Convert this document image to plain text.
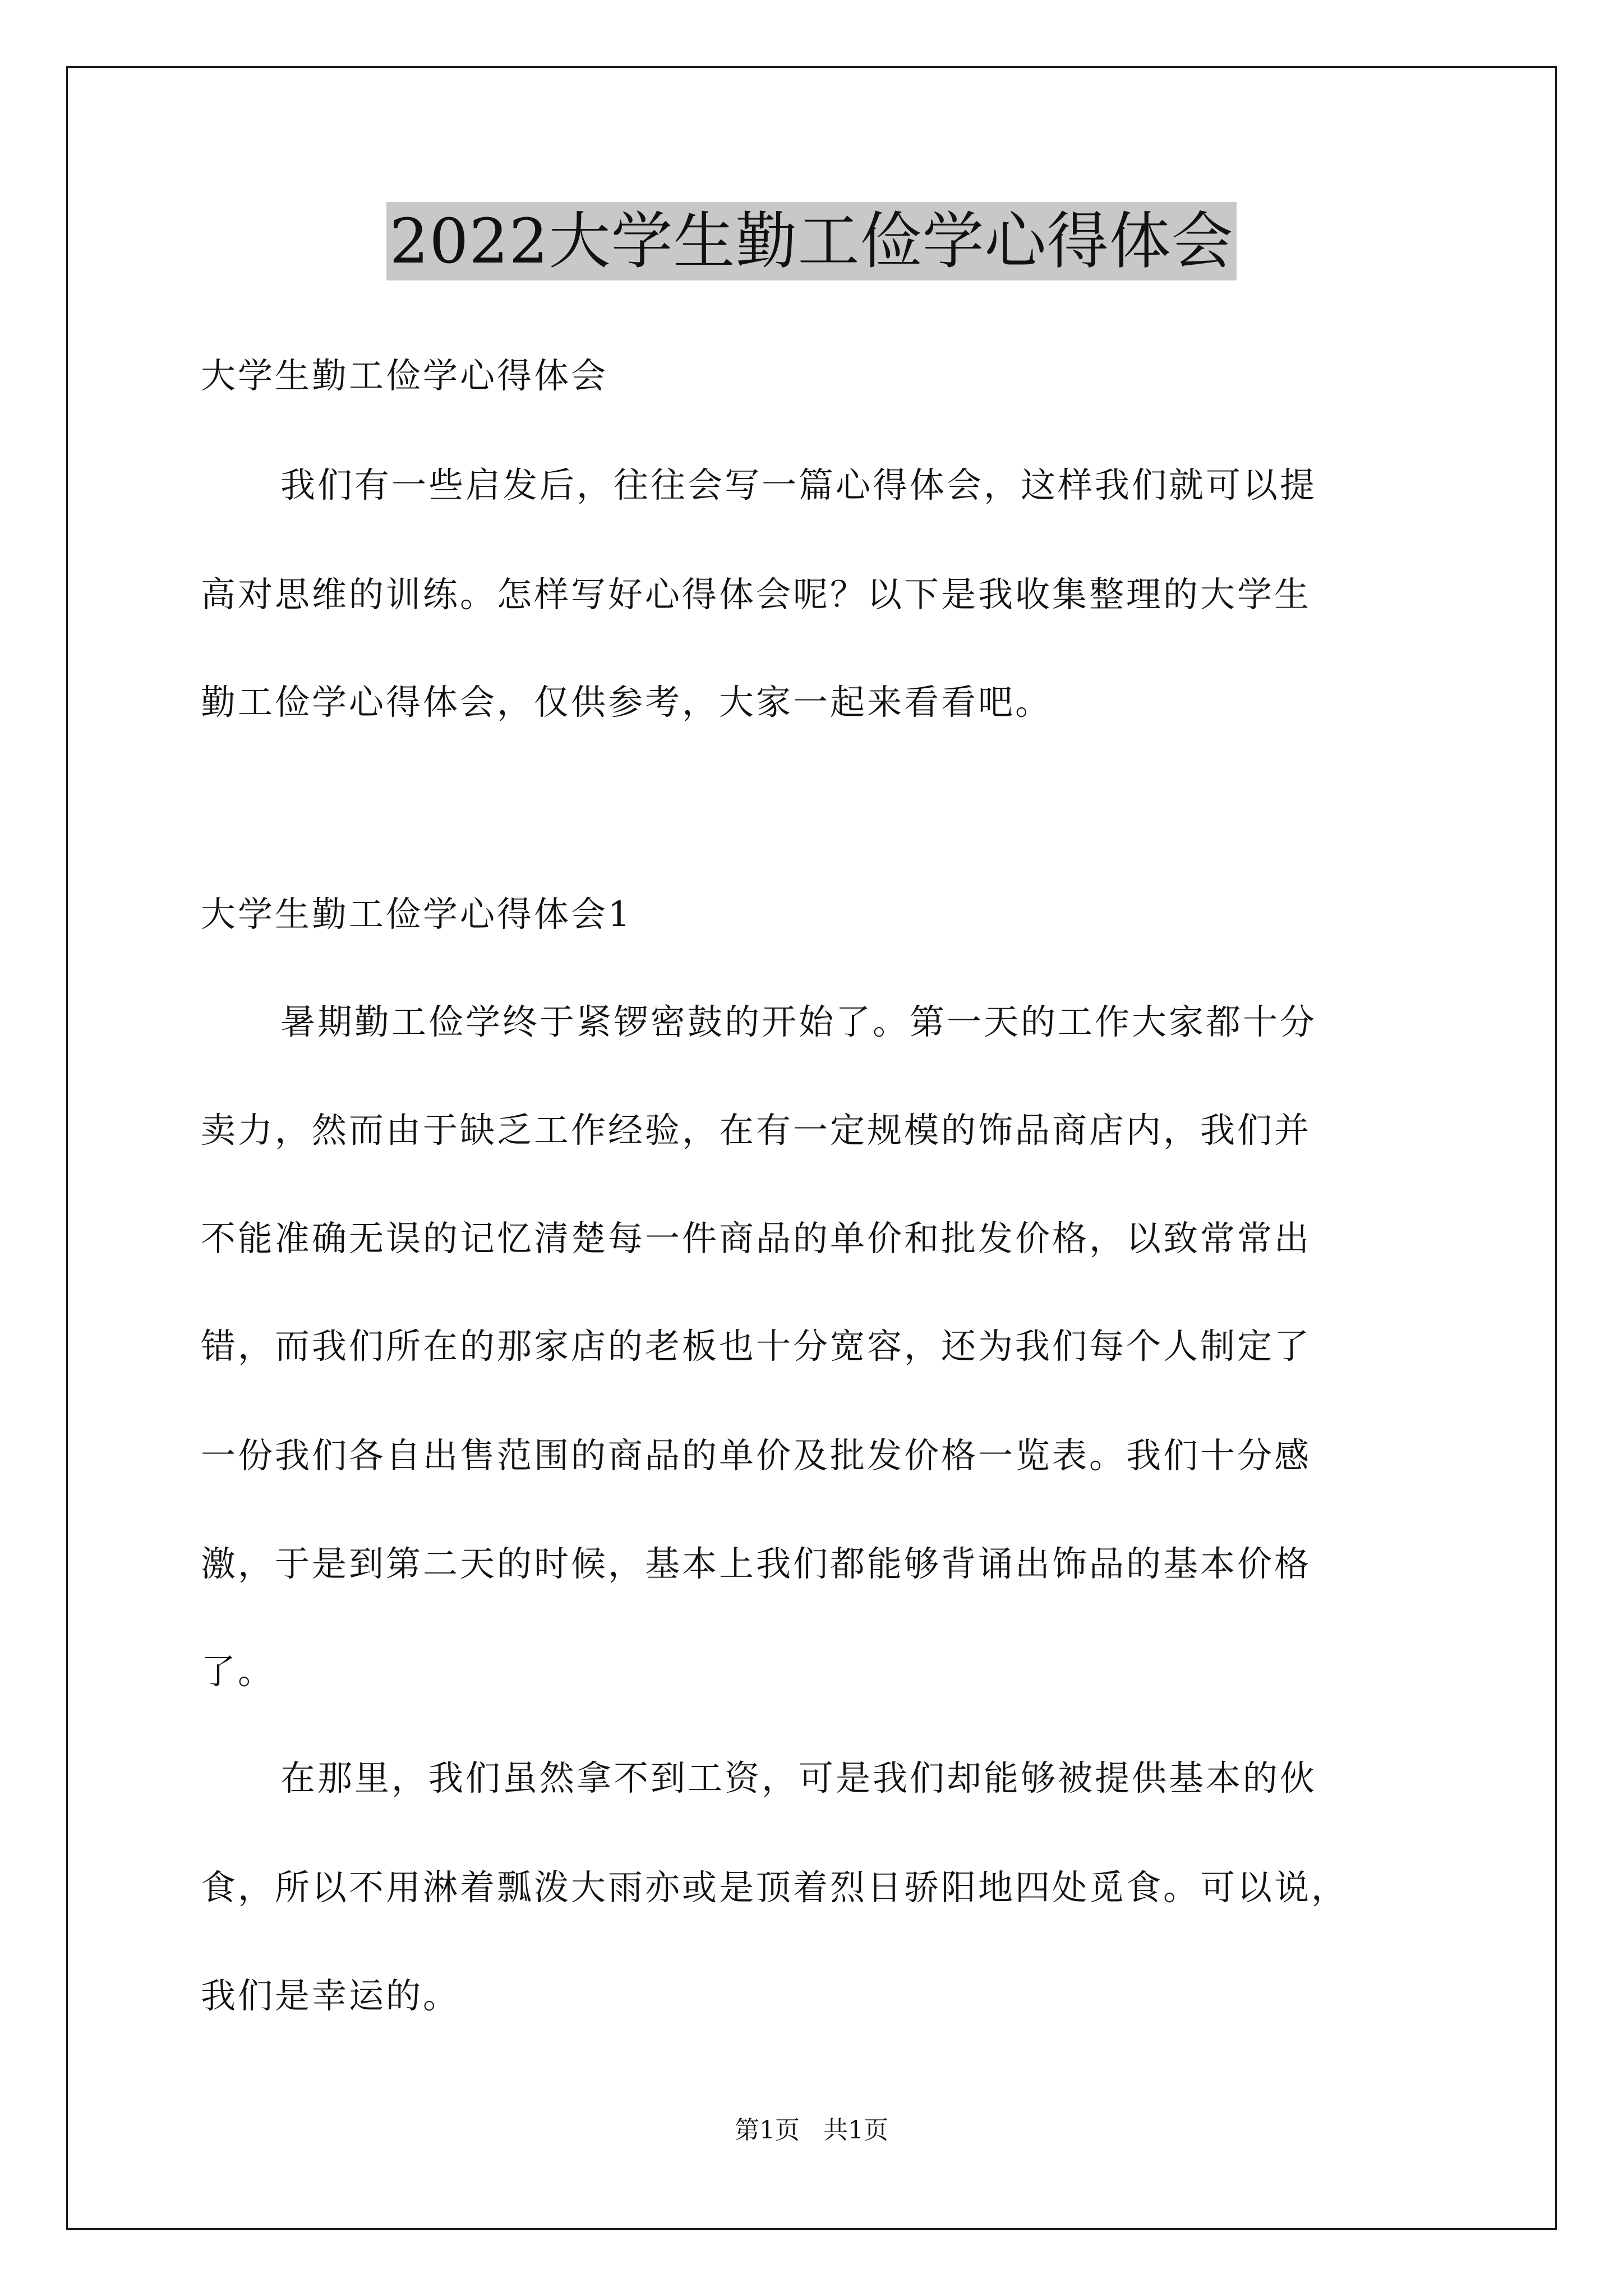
2022大学生勤工俭学心得体会
大学生勤工俭学心得体会
我们有一些启发后，往往会写一篇心得体会，这样我们就可以提
高对思维的训练。怎样写好心得体会呢？以下是我收集整理的大学生
勤工俭学心得体会，仅供参考，大家一起来看看吧。
大学生勤工俭学心得体会1
暑期勤工俭学终于紧锣密鼓的开始了。第一天的工作大家都十分
卖力，然而由于缺乏工作经验，在有一定规模的饰品商店内，我们并
不能准确无误的记忆清楚每一件商品的单价和批发价格，以致常常出
错，而我们所在的那家店的老板也十分宽容，还为我们每个人制定了
一份我们各自出售范围的商品的单价及批发价格一览表。我们十分感
激，于是到第二天的时候，基本上我们都能够背诵出饰品的基本价格
了。
在那里，我们虽然拿不到工资，可是我们却能够被提供基本的伙
食，所以不用淋着瓢泼大雨亦或是顶着烈日骄阳地四处觅食。可以说，
我们是幸运的。
第1页   共1页
